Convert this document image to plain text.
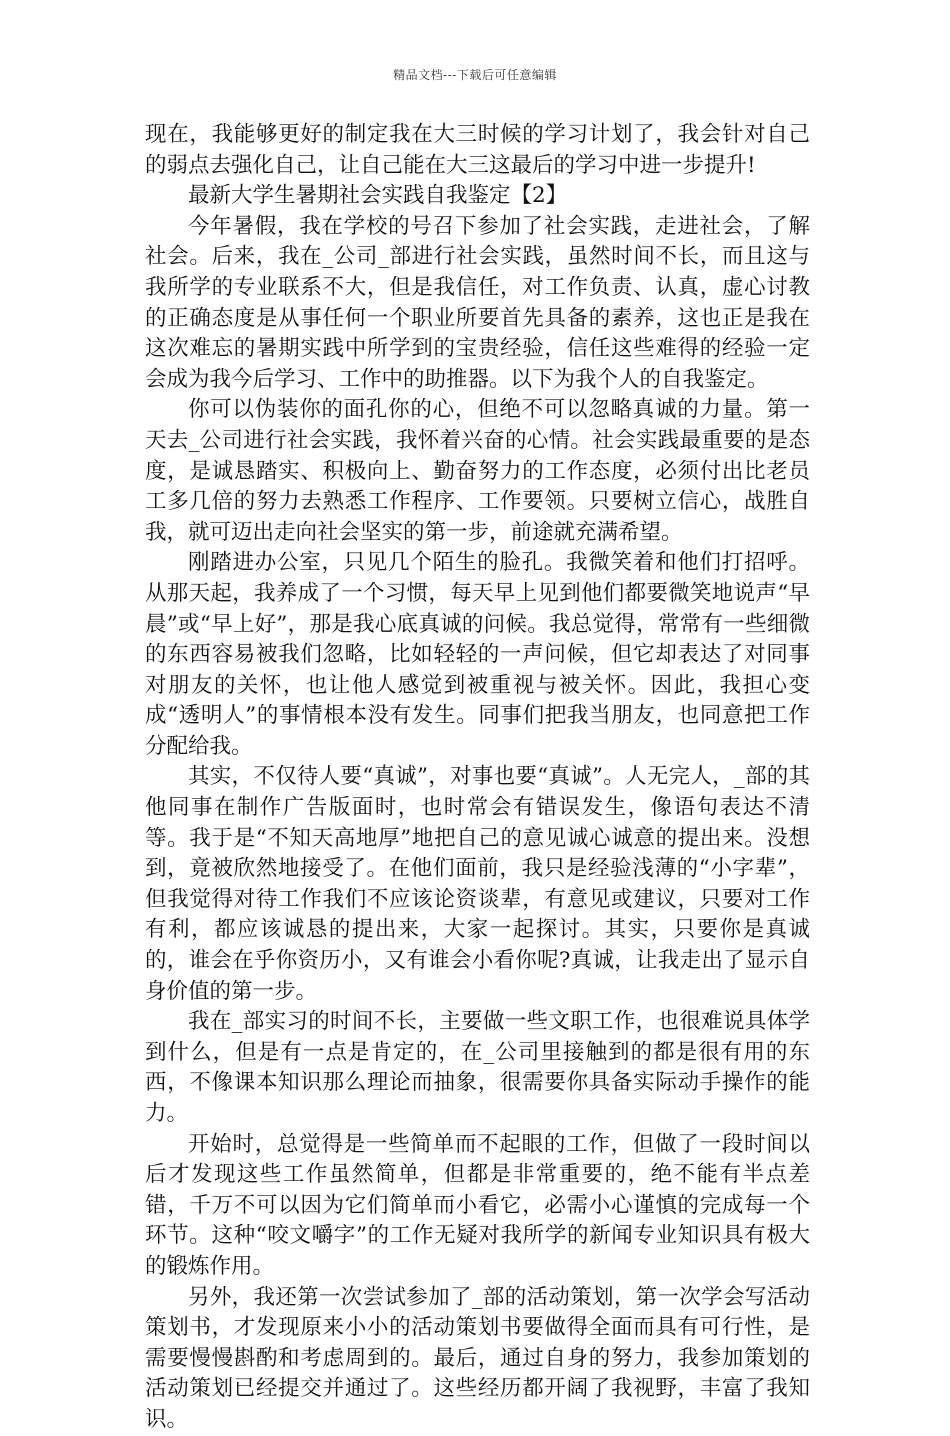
精品文档---下载后可任意编辑

现在，我能够更好的制定我在大三时候的学习计划了，我会针对自己的弱点去强化自己，让自己能在大三这最后的学习中进一步提升!

最新大学生暑期社会实践自我鉴定【2】

今年暑假，我在学校的号召下参加了社会实践，走进社会，了解社会。后来，我在_公司_部进行社会实践，虽然时间不长，而且这与我所学的专业联系不大，但是我信任，对工作负责、认真，虚心讨教的正确态度是从事任何一个职业所要首先具备的素养，这也正是我在这次难忘的暑期实践中所学到的宝贵经验，信任这些难得的经验一定会成为我今后学习、工作中的助推器。以下为我个人的自我鉴定。

你可以伪装你的面孔你的心，但绝不可以忽略真诚的力量。第一天去_公司进行社会实践，我怀着兴奋的心情。社会实践最重要的是态度，是诚恳踏实、积极向上、勤奋努力的工作态度，必须付出比老员工多几倍的努力去熟悉工作程序、工作要领。只要树立信心，战胜自我，就可迈出走向社会坚实的第一步，前途就充满希望。

刚踏进办公室，只见几个陌生的脸孔。我微笑着和他们打招呼。从那天起，我养成了一个习惯，每天早上见到他们都要微笑地说声“早晨”或“早上好”，那是我心底真诚的问候。我总觉得，常常有一些细微的东西容易被我们忽略，比如轻轻的一声问候，但它却表达了对同事对朋友的关怀，也让他人感觉到被重视与被关怀。因此，我担心变成“透明人”的事情根本没有发生。同事们把我当朋友，也同意把工作分配给我。

其实，不仅待人要“真诚”，对事也要“真诚”。人无完人，_部的其他同事在制作广告版面时，也时常会有错误发生，像语句表达不清等。我于是“不知天高地厚”地把自己的意见诚心诚意的提出来。没想到，竟被欣然地接受了。在他们面前，我只是经验浅薄的“小字辈”，但我觉得对待工作我们不应该论资谈辈，有意见或建议，只要对工作有利，都应该诚恳的提出来，大家一起探讨。其实，只要你是真诚的，谁会在乎你资历小，又有谁会小看你呢?真诚，让我走出了显示自身价值的第一步。

我在_部实习的时间不长，主要做一些文职工作，也很难说具体学到什么，但是有一点是肯定的，在_公司里接触到的都是很有用的东西，不像课本知识那么理论而抽象，很需要你具备实际动手操作的能力。

开始时，总觉得是一些简单而不起眼的工作，但做了一段时间以后才发现这些工作虽然简单，但都是非常重要的，绝不能有半点差错，千万不可以因为它们简单而小看它，必需小心谨慎的完成每一个环节。这种“咬文嚼字”的工作无疑对我所学的新闻专业知识具有极大的锻炼作用。

另外，我还第一次尝试参加了_部的活动策划，第一次学会写活动策划书，才发现原来小小的活动策划书要做得全面而具有可行性，是需要慢慢斟酌和考虑周到的。最后，通过自身的努力，我参加策划的活动策划已经提交并通过了。这些经历都开阔了我视野，丰富了我知识。
